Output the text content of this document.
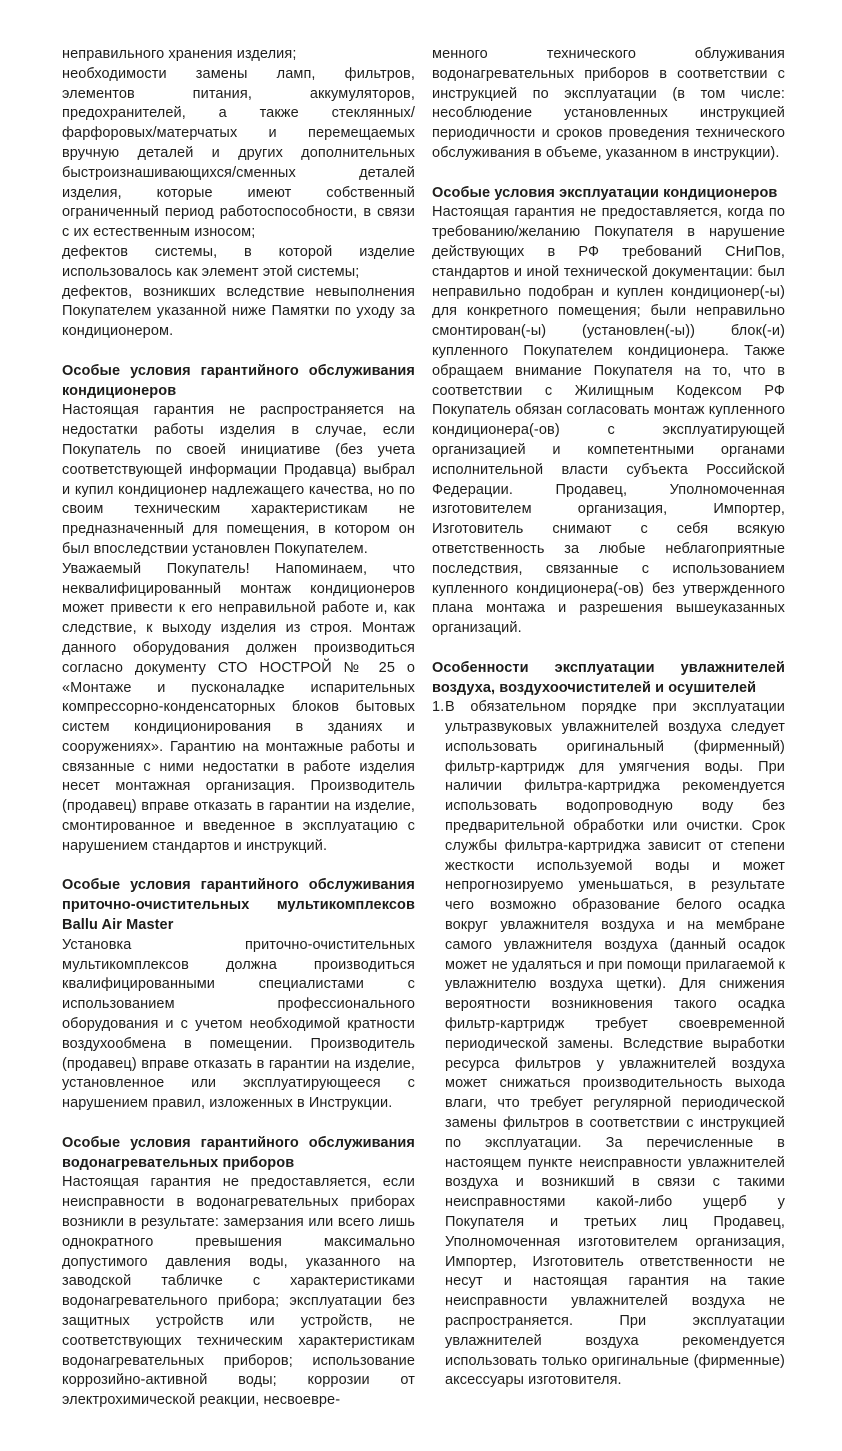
неправильного хранения изделия;
необходимости замены ламп, фильтров, элементов питания, аккумуляторов, предохранителей, а также стеклянных/фарфоровых/матерчатых и перемещаемых вручную деталей и других дополнительных быстроизнашивающихся/сменных деталей изделия, которые имеют собственный ограниченный период работоспособности, в связи с их естественным износом;
дефектов системы, в которой изделие использовалось как элемент этой системы;
дефектов, возникших вследствие невыполнения Покупателем указанной ниже Памятки по уходу за кондиционером.
Особые условия гарантийного обслуживания кондиционеров
Настоящая гарантия не распространяется на недостатки работы изделия в случае, если Покупатель по своей инициативе (без учета соответствующей информации Продавца) выбрал и купил кондиционер надлежащего качества, но по своим техническим характеристикам не предназначенный для помещения, в котором он был впоследствии установлен Покупателем.
Уважаемый Покупатель! Напоминаем, что неквалифицированный монтаж кондиционеров может привести к его неправильной работе и, как следствие, к выходу изделия из строя. Монтаж данного оборудования должен производиться согласно документу СТО НОСТРОЙ № 25 о «Монтаже и пусконаладке испарительных компрессорно-конденсаторных блоков бытовых систем кондиционирования в зданиях и сооружениях». Гарантию на монтажные работы и связанные с ними недостатки в работе изделия несет монтажная организация. Производитель (продавец) вправе отказать в гарантии на изделие, смонтированное и введенное в эксплуатацию с нарушением стандартов и инструкций.
Особые условия гарантийного обслуживания приточно-очистительных мультикомплексов Ballu Air Master
Установка приточно-очистительных мультикомплексов должна производиться квалифицированными специалистами с использованием профессионального оборудования и с учетом необходимой кратности воздухообмена в помещении. Производитель (продавец) вправе отказать в гарантии на изделие, установленное или эксплуатирующееся с нарушением правил, изложенных в Инструкции.
Особые условия гарантийного обслуживания водонагревательных приборов
Настоящая гарантия не предоставляется, если неисправности в водонагревательных приборах возникли в результате: замерзания или всего лишь однократного превышения максимально допустимого давления воды, указанного на заводской табличке с характеристиками водонагревательного прибора; эксплуатации без защитных устройств или устройств, не соответствующих техническим характеристикам водонагревательных приборов; использование коррозийно-активной воды; коррозии от электрохимической реакции, несвоевре-
менного технического облуживания водонагревательных приборов в соответствии с инструкцией по эксплуатации (в том числе: несоблюдение установленных инструкцией периодичности и сроков проведения технического обслуживания в объеме, указанном в инструкции).
Особые условия эксплуатации кондиционеров
Настоящая гарантия не предоставляется, когда по требованию/желанию Покупателя в нарушение действующих в РФ требований СНиПов, стандартов и иной технической документации: был неправильно подобран и куплен кондиционер(-ы) для конкретного помещения; были неправильно смонтирован(-ы) (установлен(-ы)) блок(-и) купленного Покупателем кондиционера. Также обращаем внимание Покупателя на то, что в соответствии с Жилищным Кодексом РФ Покупатель обязан согласовать монтаж купленного кондиционера(-ов) с эксплуатирующей организацией и компетентными органами исполнительной власти субъекта Российской Федерации. Продавец, Уполномоченная изготовителем организация, Импортер, Изготовитель снимают с себя всякую ответственность за любые неблагоприятные последствия, связанные с использованием купленного кондиционера(-ов) без утвержденного плана монтажа и разрешения вышеуказанных организаций.
Особенности эксплуатации увлажнителей воздуха, воздухоочистителей и осушителей
1.В обязательном порядке при эксплуатации ультразвуковых увлажнителей воздуха следует использовать оригинальный (фирменный) фильтр-картридж для умягчения воды. При наличии фильтра-картриджа рекомендуется использовать водопроводную воду без предварительной обработки или очистки. Срок службы фильтра-картриджа зависит от степени жесткости используемой воды и может непрогнозируемо уменьшаться, в результате чего возможно образование белого осадка вокруг увлажнителя воздуха и на мембране самого увлажнителя воздуха (данный осадок может не удаляться и при помощи прилагаемой к увлажнителю воздуха щетки). Для снижения вероятности возникновения такого осадка фильтр-картридж требует своевременной периодической замены. Вследствие выработки ресурса фильтров у увлажнителей воздуха может снижаться производительность выхода влаги, что требует регулярной периодической замены фильтров в соответствии с инструкцией по эксплуатации. За перечисленные в настоящем пункте неисправности увлажнителей воздуха и возникший в связи с такими неисправностями какой-либо ущерб у Покупателя и третьих лиц Продавец, Уполномоченная изготовителем организация, Импортер, Изготовитель ответственности не несут и настоящая гарантия на такие неисправности увлажнителей воздуха не распространяется. При эксплуатации увлажнителей воздуха рекомендуется использовать только оригинальные (фирменные) аксессуары изготовителя.
